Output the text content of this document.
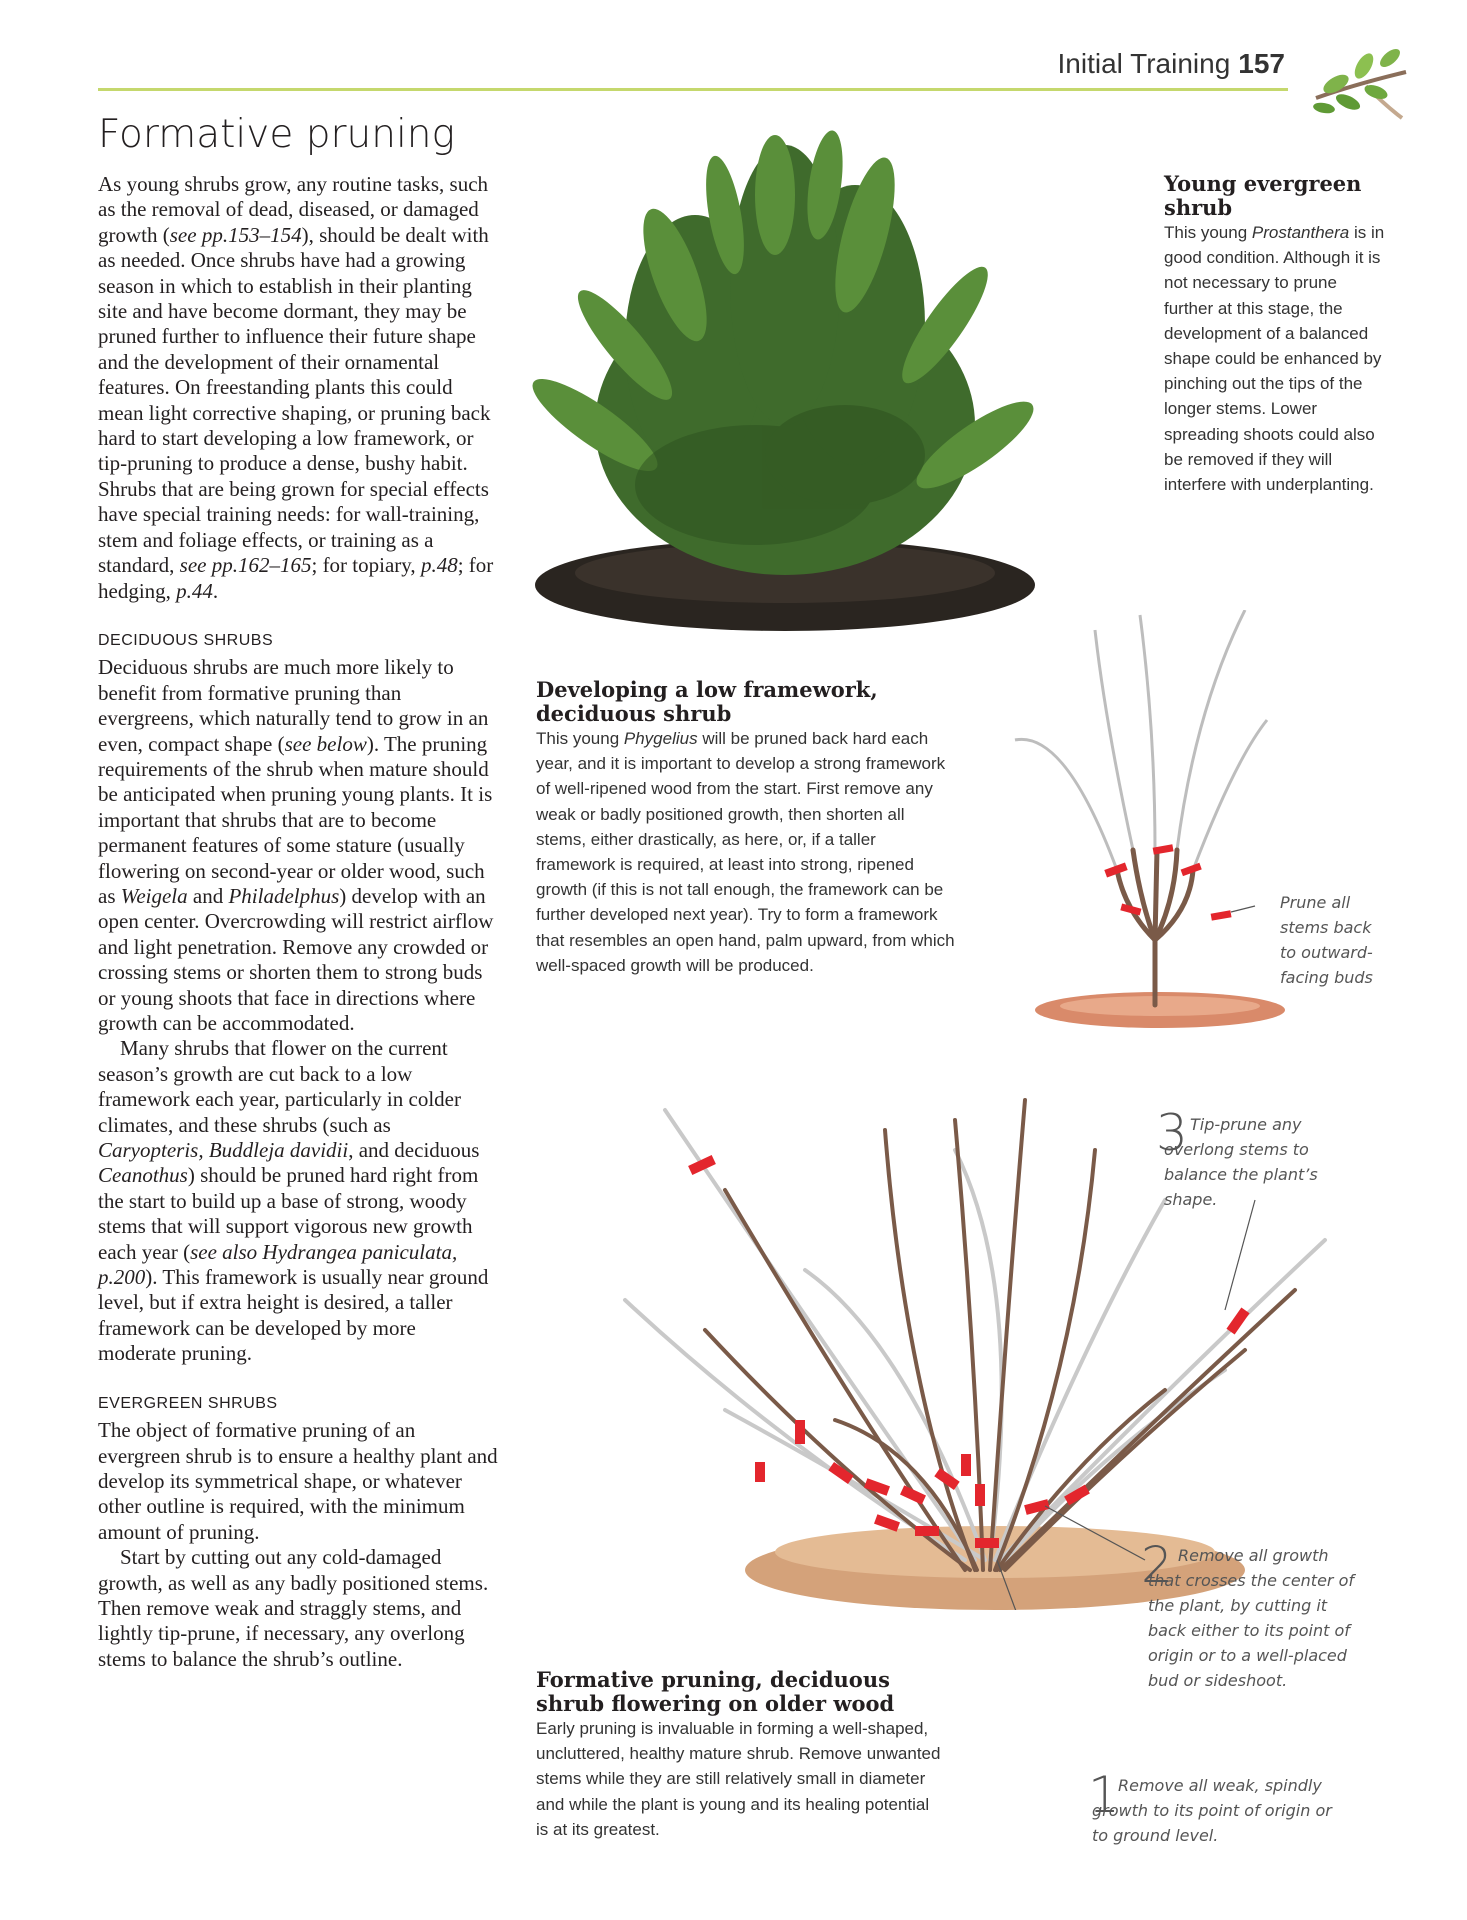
Initial Training 157
Formative pruning

As young shrubs grow, any routine tasks, such as the removal of dead, diseased, or damaged growth (see pp.153–154), should be dealt with as needed. Once shrubs have had a growing season in which to establish in their planting site and have become dormant, they may be pruned further to influence their future shape and the development of their ornamental features. On freestanding plants this could mean light corrective shaping, or pruning back hard to start developing a low framework, or tip-pruning to produce a dense, bushy habit. Shrubs that are being grown for special effects have special training needs: for wall-training, stem and foliage effects, or training as a standard, see pp.162–165; for topiary, p.48; for hedging, p.44.

DECIDUOUS SHRUBS

Deciduous shrubs are much more likely to benefit from formative pruning than evergreens, which naturally tend to grow in an even, compact shape (see below). The pruning requirements of the shrub when mature should be anticipated when pruning young plants. It is important that shrubs that are to become permanent features of some stature (usually flowering on second-year or older wood, such as Weigela and Philadelphus) develop with an open center. Overcrowding will restrict airflow and light penetration. Remove any crowded or crossing stems or shorten them to strong buds or young shoots that face in directions where growth can be accommodated.

Many shrubs that flower on the current season’s growth are cut back to a low framework each year, particularly in colder climates, and these shrubs (such as Caryopteris, Buddleja davidii, and deciduous Ceanothus) should be pruned hard right from the start to build up a base of strong, woody stems that will support vigorous new growth each year (see also Hydrangea paniculata, p.200). This framework is usually near ground level, but if extra height is desired, a taller framework can be developed by more moderate pruning.

EVERGREEN SHRUBS

The object of formative pruning of an evergreen shrub is to ensure a healthy plant and develop its symmetrical shape, or whatever other outline is required, with the minimum amount of pruning.

Start by cutting out any cold-damaged growth, as well as any badly positioned stems. Then remove weak and straggly stems, and lightly tip-prune, if necessary, any overlong stems to balance the shrub’s outline.

Young evergreen shrub
This young Prostanthera is in good condition. Although it is not necessary to prune further at this stage, the development of a balanced shape could be enhanced by pinching out the tips of the longer stems. Lower spreading shoots could also be removed if they will interfere with underplanting.
Developing a low framework, deciduous shrub
This young Phygelius will be pruned back hard each year, and it is important to develop a strong framework of well-ripened wood from the start. First remove any weak or badly positioned growth, then shorten all stems, either drastically, as here, or, if a taller framework is required, at least into strong, ripened growth (if this is not tall enough, the framework can be further developed next year). Try to form a framework that resembles an open hand, palm upward, from which well-spaced growth will be produced.
Prune all stems back to outward-facing buds
3 Tip-prune any overlong stems to balance the plant’s shape.
2 Remove all growth that crosses the center of the plant, by cutting it back either to its point of origin or to a well-placed bud or sideshoot.
1
Remove all weak, spindly growth to its point of origin or to ground level.
Formative pruning, deciduous shrub flowering on older wood
Early pruning is invaluable in forming a well-shaped, uncluttered, healthy mature shrub. Remove unwanted stems while they are still relatively small in diameter and while the plant is young and its healing potential is at its greatest.
